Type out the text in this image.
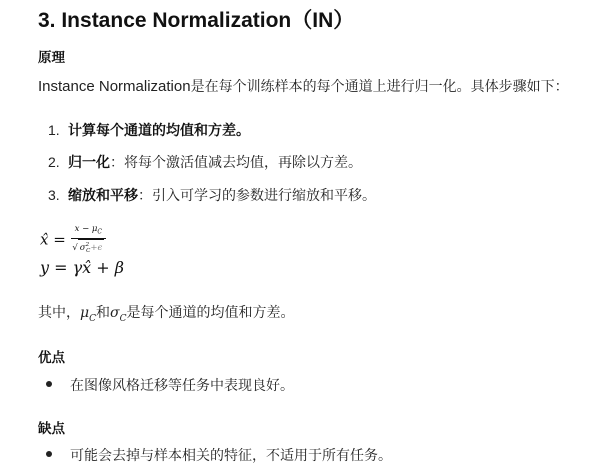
3. Instance Normalization（IN）
原理
Instance Normalization是在每个训练样本的每个通道上进行归一化。具体步骤如下：
1. 计算每个通道的均值和方差。
2. 归一化：将每个激活值减去均值，再除以方差。
3. 缩放和平移：引入可学习的参数进行缩放和平移。
x̂ = $\frac{x - \mu_C}{√ \sigma^2_C+\epsilon}$
y = γx̂ + β
其中，$\mu_C$和$\sigma_C$是每个通道的均值和方差。
优点
在图像风格迁移等任务中表现良好。
缺点
可能会去掉与样本相关的特征，不适用于所有任务。
